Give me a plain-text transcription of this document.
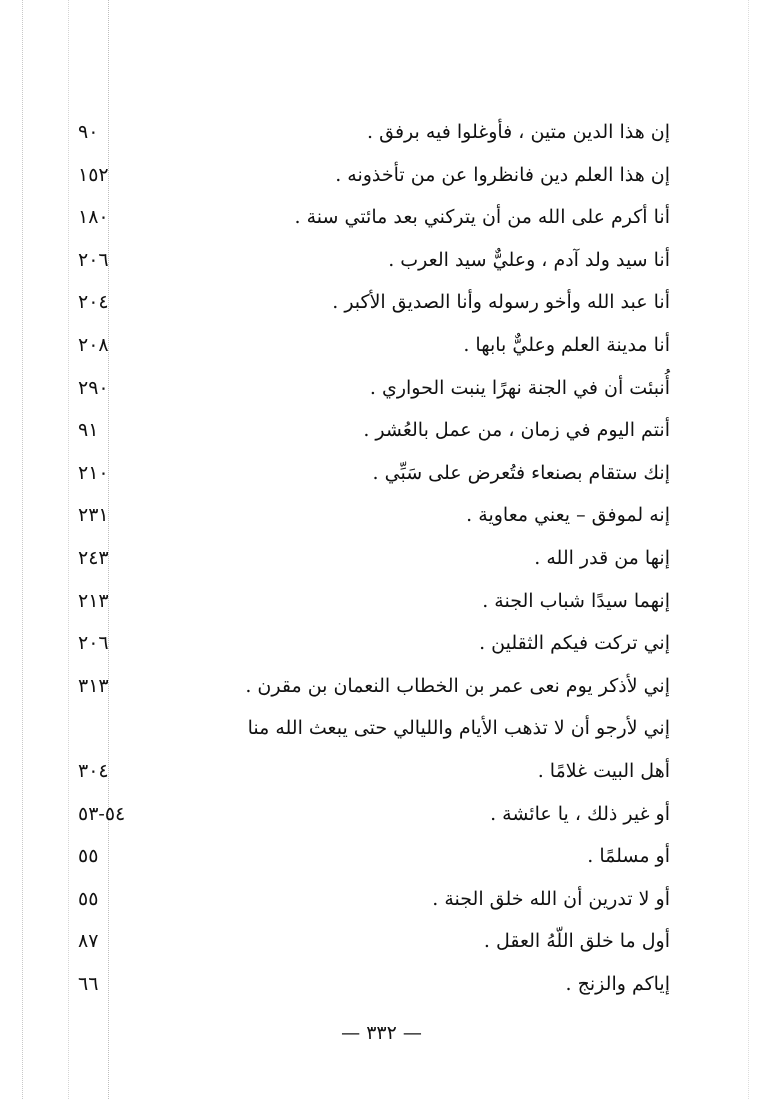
إن هذا الدين متين ، فأوغلوا فيه برفق .
٩٠
إن هذا العلم دين فانظروا عن من تأخذونه .
١٥٢
أنا أكرم على الله من أن يتركني بعد مائتي سنة .
١٨٠
أنا سيد ولد آدم ، وعليٌّ سيد العرب .
٢٠٦
أنا عبد الله وأخو رسوله وأنا الصديق الأكبر .
٢٠٤
أنا مدينة العلم وعليٌّ بابها .
٢٠٨
أُنبئت أن في الجنة نهرًا ينبت الحواري .
٢٩٠
أنتم اليوم في زمان ، من عمل بالعُشر .
٩١
إنك ستقام بصنعاء فتُعرض على سَبِّي .
٢١٠
إنه لموفق – يعني معاوية .
٢٣١
إنها من قدر الله .
٢٤٣
إنهما سيدًا شباب الجنة .
٢١٣
إني تركت فيكم الثقلين .
٢٠٦
إني لأذكر يوم نعى عمر بن الخطاب النعمان بن مقرن .
٣١٣
إني لأرجو أن لا تذهب الأيام والليالي حتى يبعث الله منا
أهل البيت غلامًا .
٣٠٤
أو غير ذلك ، يا عائشة .
٥٤-٥٣
أو مسلمًا .
٥٥
أو لا تدرين أن الله خلق الجنة .
٥٥
أول ما خلق اللّهُ العقل .
٨٧
إياكم والزنج .
٦٦
— ٣٣٢ —
